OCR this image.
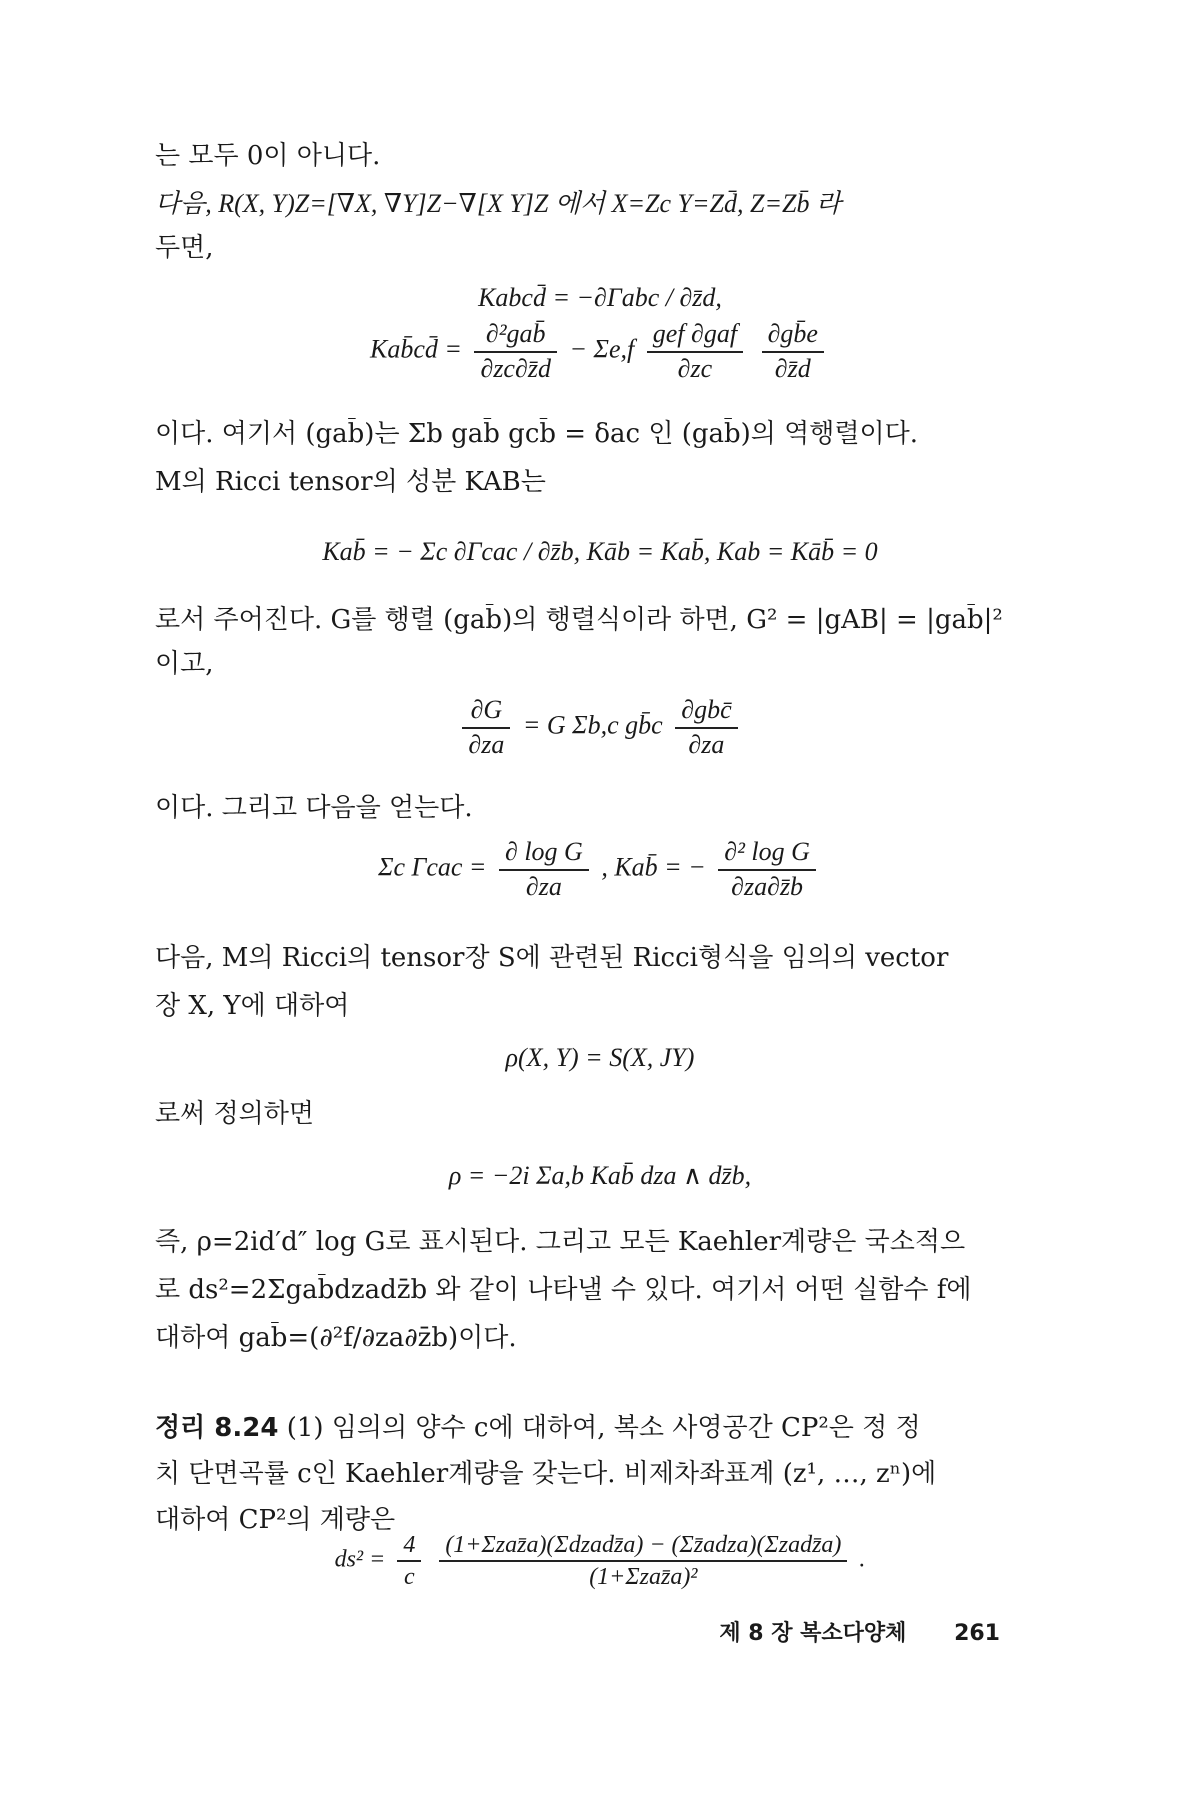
는 모두 0이 아니다.
다음, R(X, Y)Z=[∇X, ∇Y]Z−∇[X Y]Z 에서 X=Zc Y=Zd̄, Z=Zb̄ 라
두면,
Kabcd̄ = −∂Γabc / ∂z̄d,
Kab̄cd̄ = $\frac{\text{∂²gab̄}}{\partial zc\partial z̄d} - \Sigma e,f \frac{\text{gef ∂gaf}}{\partial zc}$
$\frac{\partial gb̄e}{\partial z̄d}$
이다. 여기서 (gab̄)는 Σb gab̄ gcb̄ = δac 인 (gab̄)의 역행렬이다.
M의 Ricci tensor의 성분 KAB는
Kab̄ = − Σc ∂Γcac / ∂z̄b, Kāb = Kab̄, Kab = Kāb̄ = 0
로서 주어진다. G를 행렬 (gab̄)의 행렬식이라 하면, G² = |gAB| = |gab̄|²
이고,
$\frac{\partial G}{\partial za} = G$ Σb,c gb̄c $\frac{\text{∂gbc̄}}{\partial za}$
이다. 그리고 다음을 얻는다.
Σc $\Gamma cac = \frac{\text{∂ log G}}{\partial za}$ , Kab̄ = − $\frac{\text{∂² log G}}{\partial za\partial z̄b}$
다음, M의 Ricci의 tensor장 S에 관련된 Ricci형식을 임의의 vector
장 X, Y에 대하여
ρ(X, Y) = S(X, JY)
로써 정의하면
ρ = −2i Σa,b Kab̄ dza ∧ dz̄b,
즉, ρ=2id′d″ log G로 표시된다. 그리고 모든 Kaehler계량은 국소적으
로 ds²=2Σgab̄dzadz̄b 와 같이 나타낼 수 있다. 여기서 어떤 실함수 f에
대하여 gab̄=(∂²f/∂za∂z̄b)이다.
정리 8.24 (1) 임의의 양수 c에 대하여, 복소 사영공간 CP²은 정 정
치 단면곡률 c인 Kaehler계량을 갖는다. 비제차좌표계 (z¹, …, zⁿ)에
대하여 CP²의 계량은
$ds^2 = \frac{4}{c}$
$\frac{\text{(1+Σzaz̄a)(Σdzadz̄a) − (Σz̄adza)(Σzadz̄a)}}{\text{(1+Σzaz̄a)²}}$ .
제 8 장 복소다양체 261
